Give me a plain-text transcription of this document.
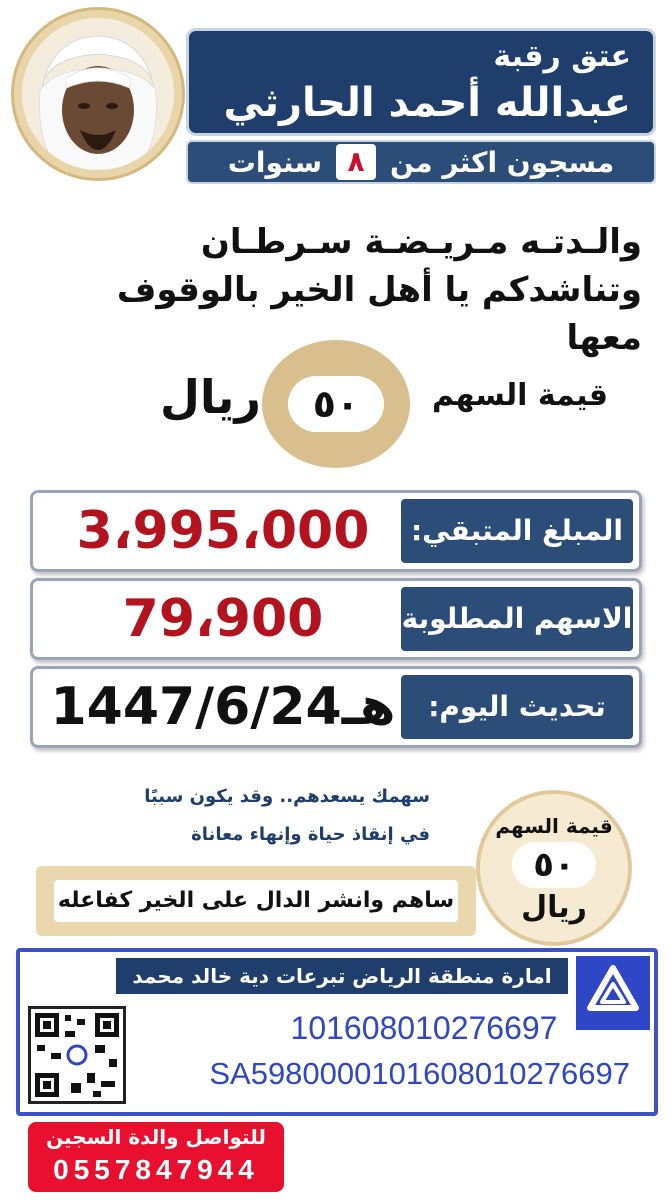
عتق رقبة
عبدالله أحمد الحارثي
مسجون اكثر من
٨
سنوات
والـدتـه مـريـضـة سـرطـان
وتناشدكم يا أهل الخير بالوقوف معها
قيمة السهم
٥٠
ريال
المبلغ المتبقي:
3،995،000
الاسهم المطلوبة
79،900
تحديث اليوم:
1447/6/24هـ
سهمك يسعدهم.. وقد يكون سببًا
في إنقاذ حياة وإنهاء معاناة
ساهم وانشر الدال على الخير كفاعله
قيمة السهم
٥٠
ريال
امارة منطقة الرياض تبرعات دية خالد محمد
101608010276697
SA5980000101608010276697
للتواصل والدة السجين
0557847944
